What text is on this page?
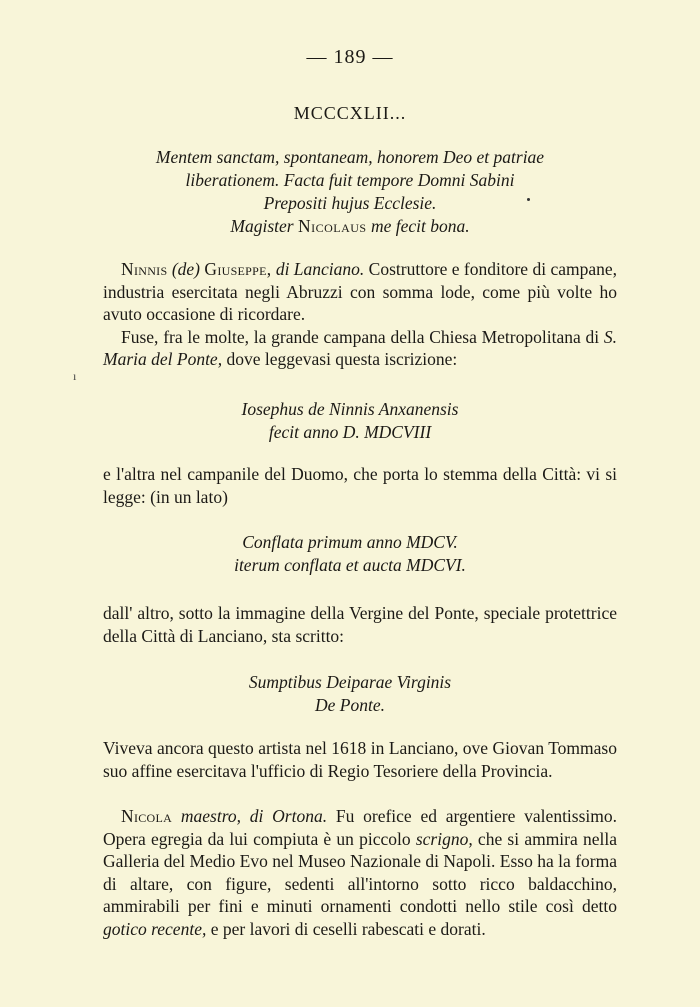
— 189 —
MCCCXLII...
Mentem sanctam, spontaneam, honorem Deo et patriae
liberationem. Facta fuit tempore Domni Sabini
Prepositi hujus Ecclesie.
Magister Nicolaus me fecit bona.
Ninnis (de) Giuseppe, di Lanciano. Costruttore e fonditore di campane, industria esercitata negli Abruzzi con somma lode, come più volte ho avuto occasione di ricordare.
Fuse, fra le molte, la grande campana della Chiesa Metropolitana di S. Maria del Ponte, dove leggevasi questa iscrizione:
ı
Iosephus de Ninnis Anxanensis
fecit anno D. MDCVIII
e l'altra nel campanile del Duomo, che porta lo stemma della Città: vi si legge: (in un lato)
Conflata primum anno MDCV.
iterum conflata et aucta MDCVI.
dall' altro, sotto la immagine della Vergine del Ponte, speciale protettrice della Città di Lanciano, sta scritto:
Sumptibus Deiparae Virginis
De Ponte.
Viveva ancora questo artista nel 1618 in Lanciano, ove Giovan Tommaso suo affine esercitava l'ufficio di Regio Tesoriere della Provincia.
Nicola maestro, di Ortona. Fu orefice ed argentiere valentissimo. Opera egregia da lui compiuta è un piccolo scrigno, che si ammira nella Galleria del Medio Evo nel Museo Nazionale di Napoli. Esso ha la forma di altare, con figure, sedenti all'intorno sotto ricco baldacchino, ammirabili per fini e minuti ornamenti condotti nello stile così detto gotico recente, e per lavori di ceselli rabescati e dorati.
